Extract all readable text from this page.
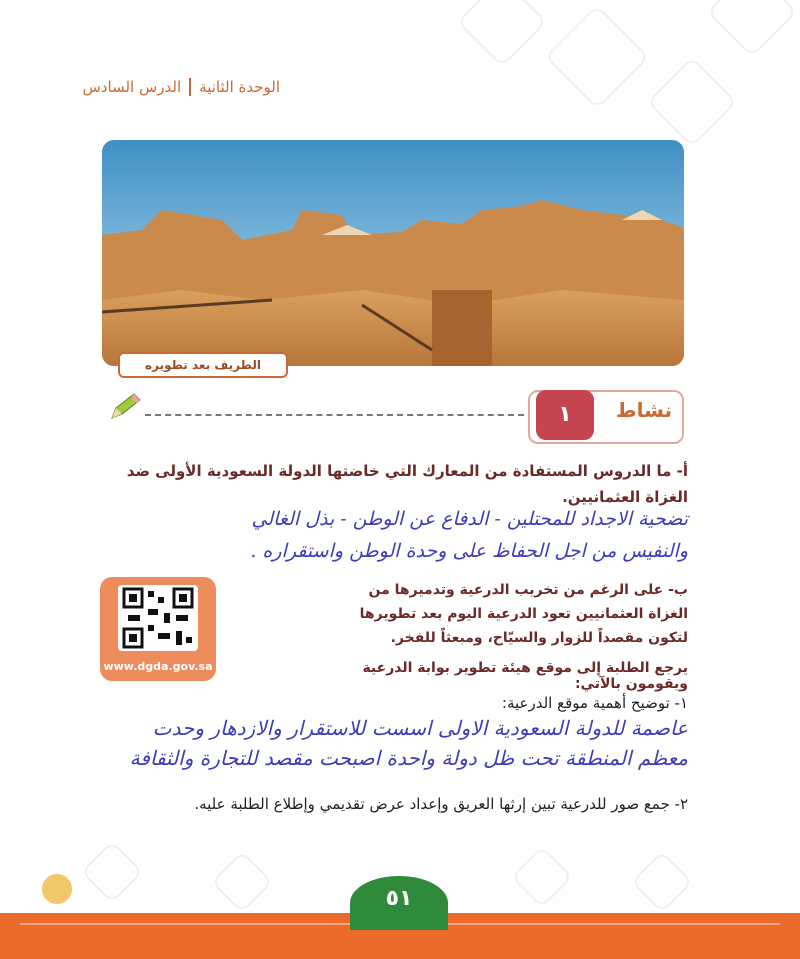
الوحدة الثانية
الدرس السادس
الطريف بعد تطويره
نشاط
١
أ- ما الدروس المستفادة من المعارك التي خاضتها الدولة السعودية الأولى ضد الغزاة العثمانيين.
تضحية الاجداد للمحتلين - الدفاع عن الوطن - بذل الغالي
والنفيس من اجل الحفاظ على وحدة الوطن واستقراره .
ب- على الرغم من تخريب الدرعية وتدميرها من الغزاة العثمانيين تعود الدرعية اليوم بعد تطويرها لتكون مقصداً للزوار والسيّاح، ومبعثاً للفخر.
يرجع الطلبة إلى موقع هيئة تطوير بوابة الدرعية ويقومون بالآتي:
www.dgda.gov.sa
١- توضيح أهمية موقع الدرعية:
عاصمة للدولة السعودية الاولى اسست للاستقرار والازدهار وحدت
معظم المنطقة تحت ظل دولة واحدة اصبحت مقصد للتجارة والثقافة
٢- جمع صور للدرعية تبين إرثها العريق وإعداد عرض تقديمي وإطلاع الطلبة عليه.
٥١
